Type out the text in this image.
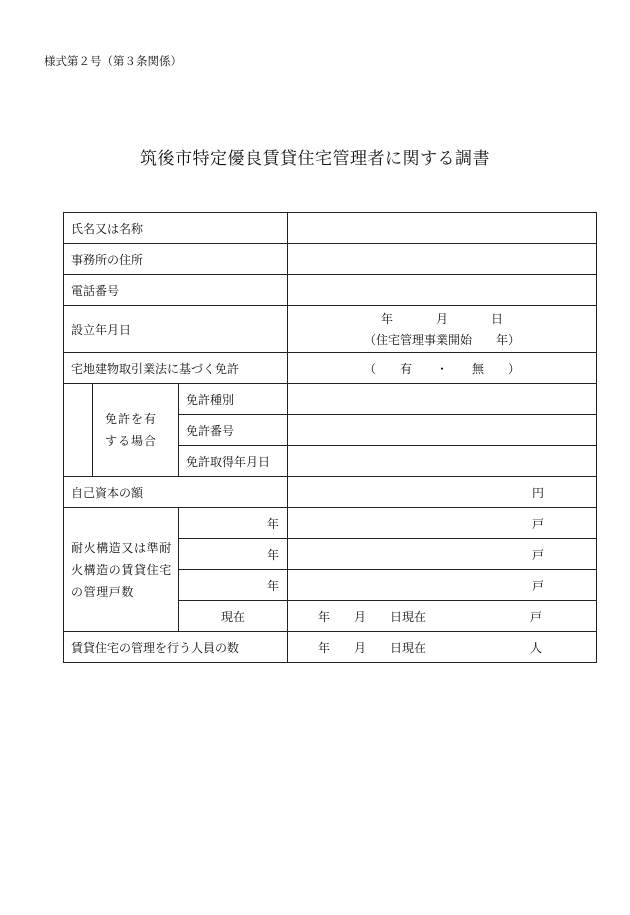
様式第２号（第３条関係）
筑後市特定優良賃貸住宅管理者に関する調書
氏名又は名称			
事務所の住所			
電話番号			
設立年月日			年 月 日
（住宅管理事業開始　　年）

宅地建物取引業法に基づく免許			（　　有　　・　　無　　）
	免許を有する場合	免許種別	
		免許番号	
		免許取得年月日	
自己資本の額			円
耐火構造又は準耐火構造の賃貸住宅の管理戸数		年	戸
		年	戸
		年	戸
		現在	年 月 日現在 戸

賃貸住宅の管理を行う人員の数			年 月 日現在 人
